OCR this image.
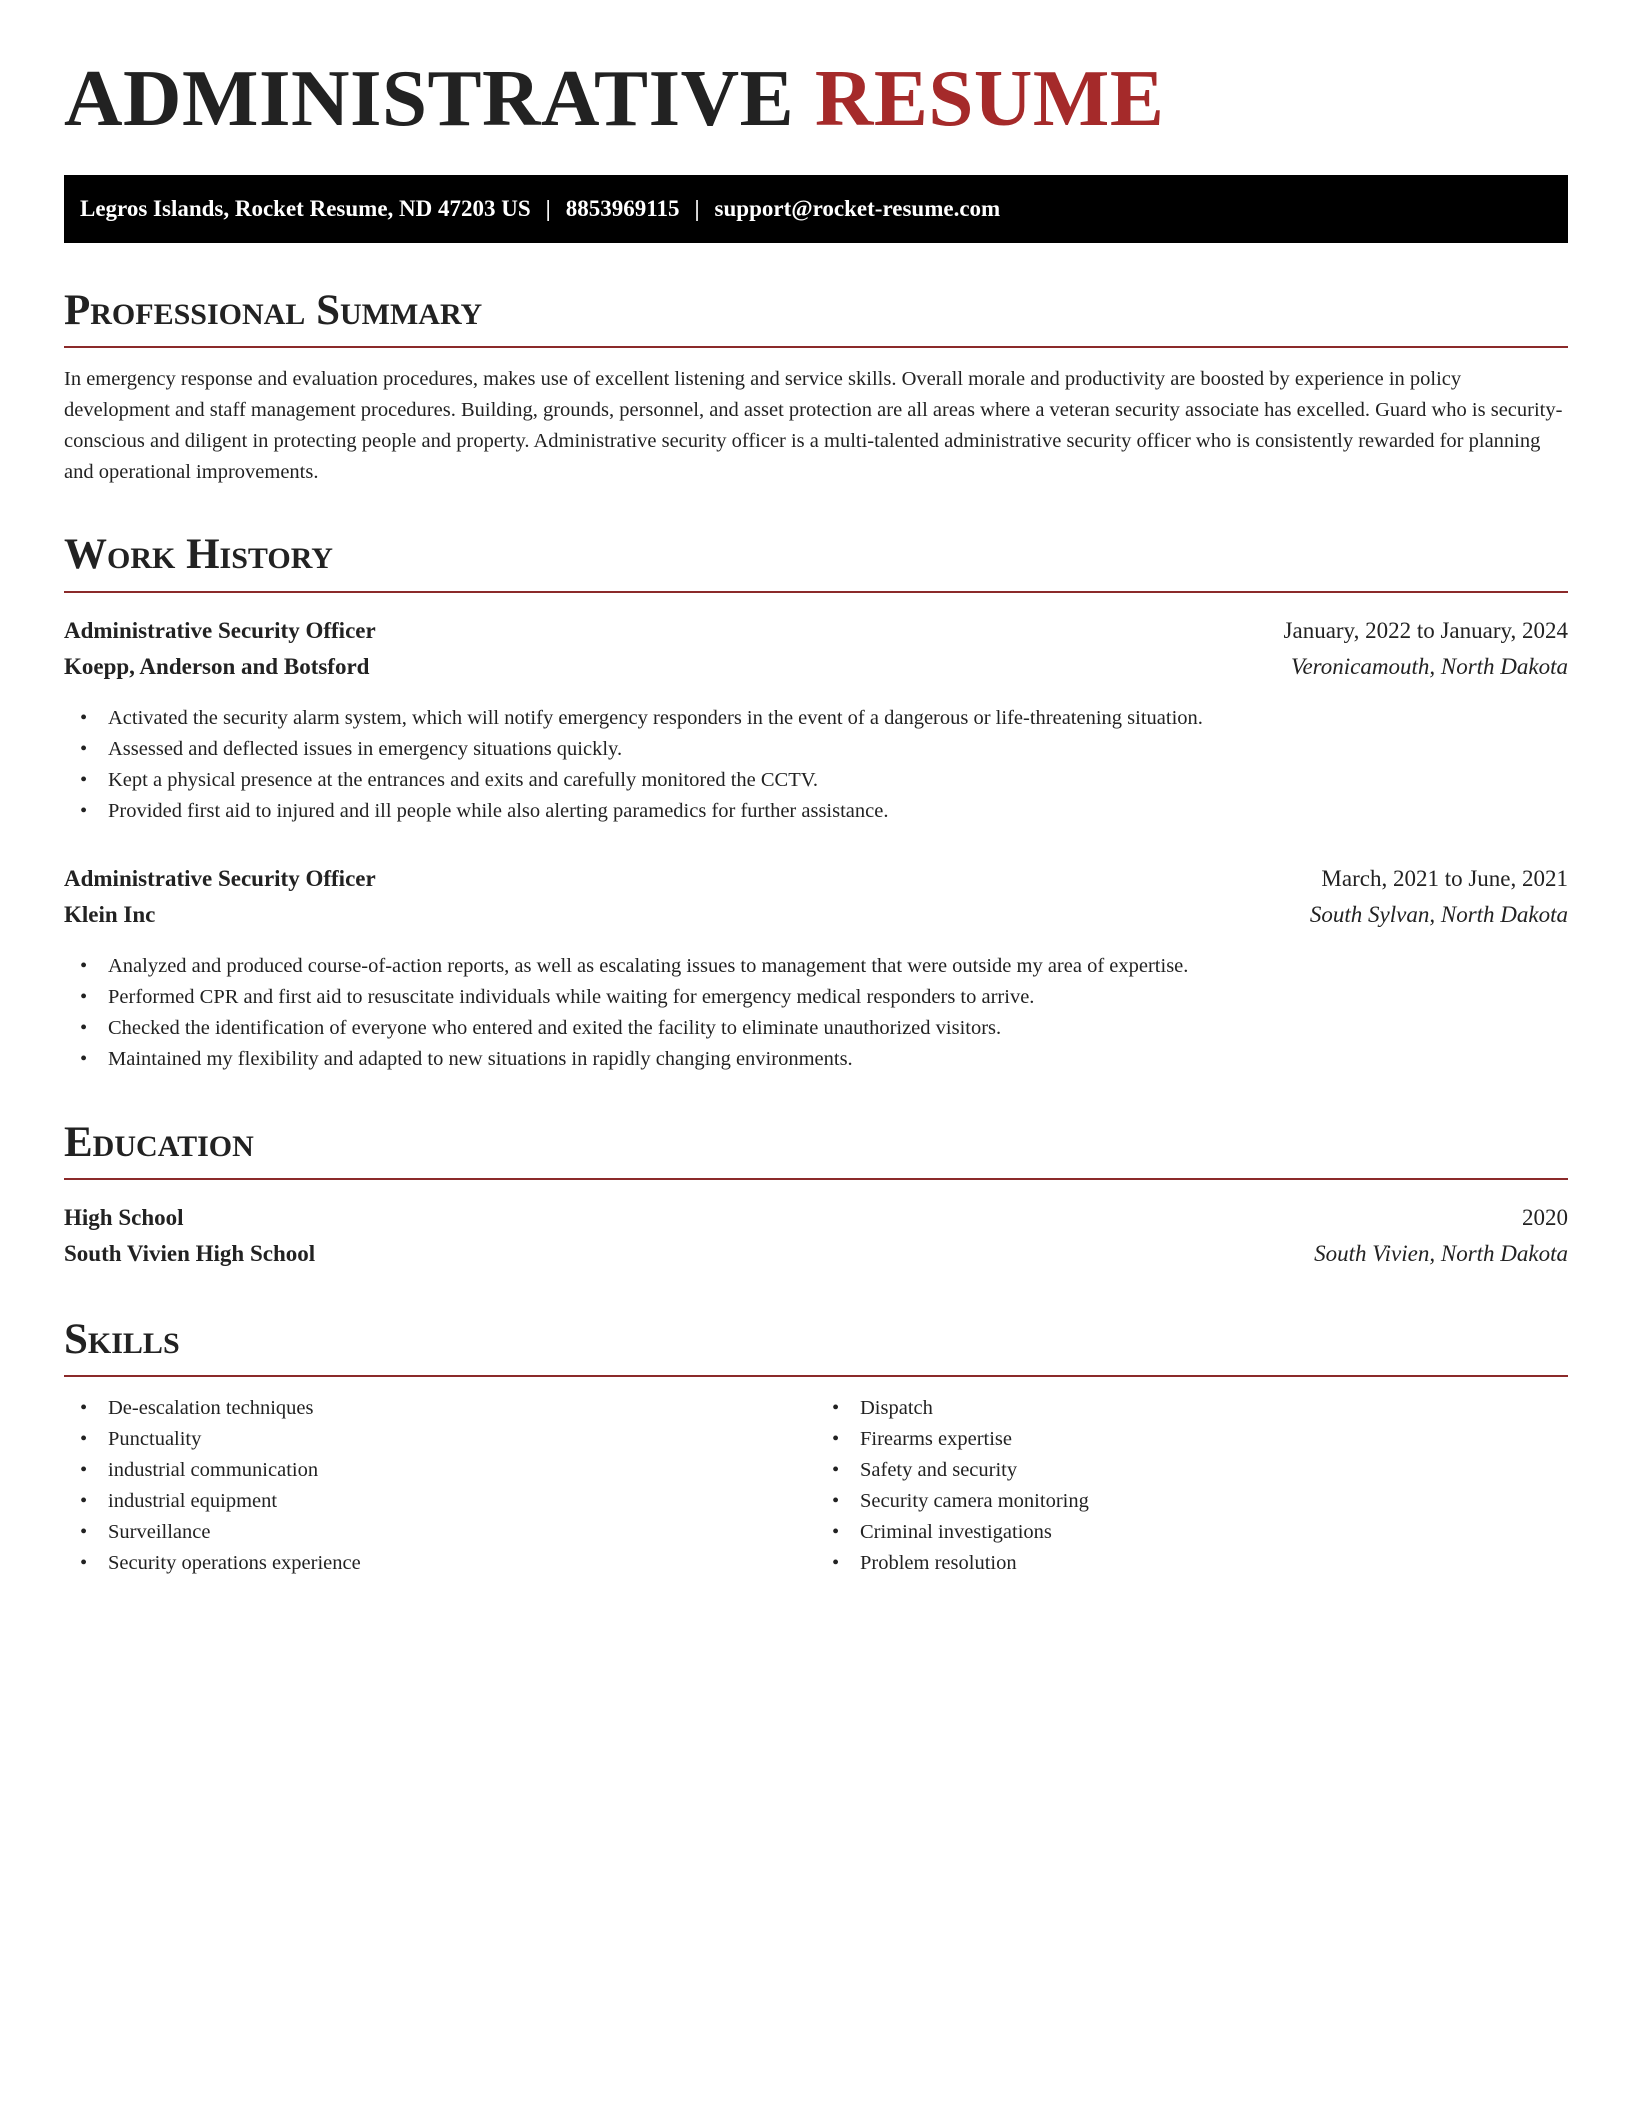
ADMINISTRATIVE RESUME
Legros Islands, Rocket Resume, ND 47203 US | 8853969115 | support@rocket-resume.com
Professional Summary

In emergency response and evaluation procedures, makes use of excellent listening and service skills. Overall morale and productivity are boosted by experience in policy development and staff management procedures. Building, grounds, personnel, and asset protection are all areas where a veteran security associate has excelled. Guard who is security-conscious and diligent in protecting people and property. Administrative security officer is a multi-talented administrative security officer who is consistently rewarded for planning and operational improvements.

Work History
Administrative Security Officer	January, 2022 to January, 2024
Koepp, Anderson and Botsford	Veronicamouth, North Dakota
• Activated the security alarm system, which will notify emergency responders in the event of a dangerous or life-threatening situation.
• Assessed and deflected issues in emergency situations quickly.
• Kept a physical presence at the entrances and exits and carefully monitored the CCTV.
• Provided first aid to injured and ill people while also alerting paramedics for further assistance.
Administrative Security Officer	March, 2021 to June, 2021
Klein Inc	South Sylvan, North Dakota
• Analyzed and produced course-of-action reports, as well as escalating issues to management that were outside my area of expertise.
• Performed CPR and first aid to resuscitate individuals while waiting for emergency medical responders to arrive.
• Checked the identification of everyone who entered and exited the facility to eliminate unauthorized visitors.
• Maintained my flexibility and adapted to new situations in rapidly changing environments.
Education
High School	2020
South Vivien High School	South Vivien, North Dakota
Skills
• De-escalation techniques
• Punctuality
• industrial communication
• industrial equipment
• Surveillance
• Security operations experience
• Dispatch
• Firearms expertise
• Safety and security
• Security camera monitoring
• Criminal investigations
• Problem resolution
